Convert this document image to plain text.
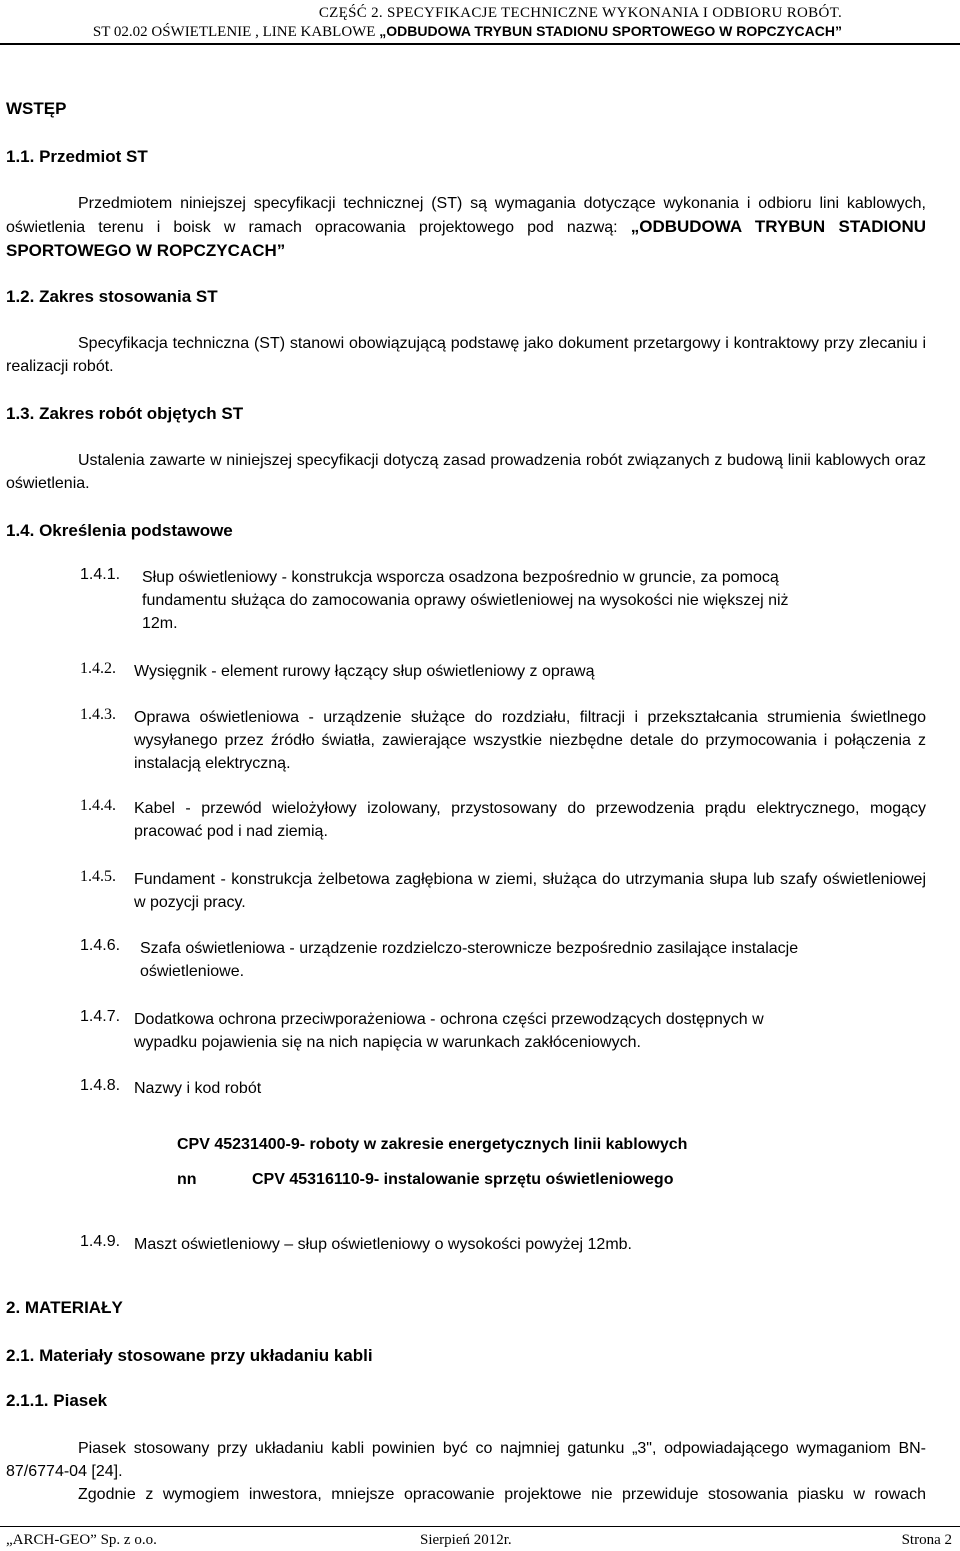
CZĘŚĆ 2. SPECYFIKACJE TECHNICZNE WYKONANIA I ODBIORU ROBÓT.
ST 02.02 OŚWIETLENIE , LINE KABLOWE „ODBUDOWA TRYBUN STADIONU SPORTOWEGO W ROPCZYCACH”
WSTĘP
1.1. Przedmiot ST
Przedmiotem niniejszej specyfikacji technicznej (ST) są wymagania dotyczące wykonania i odbioru lini kablowych, oświetlenia terenu i boisk w ramach opracowania projektowego pod nazwą: „ODBUDOWA TRYBUN STADIONU SPORTOWEGO W ROPCZYCACH”
1.2. Zakres stosowania ST
Specyfikacja techniczna (ST) stanowi obowiązującą podstawę jako dokument przetargowy i kontraktowy przy zlecaniu i realizacji robót.
1.3. Zakres robót objętych ST
Ustalenia zawarte w niniejszej specyfikacji dotyczą zasad prowadzenia robót związanych z budową linii kablowych oraz oświetlenia.
1.4. Określenia podstawowe
1.4.1. Słup oświetleniowy - konstrukcja wsporcza osadzona bezpośrednio w gruncie, za pomocą fundamentu służąca do zamocowania oprawy oświetleniowej na wysokości nie większej niż 12m.
1.4.2. Wysięgnik - element rurowy łączący słup oświetleniowy z oprawą
1.4.3. Oprawa oświetleniowa - urządzenie służące do rozdziału, filtracji i przekształcania strumienia świetlnego wysyłanego przez źródło światła, zawierające wszystkie niezbędne detale do przymocowania i połączenia z instalacją elektryczną.
1.4.4. Kabel - przewód wielożyłowy izolowany, przystosowany do przewodzenia prądu elektrycznego, mogący pracować pod i nad ziemią.
1.4.5. Fundament - konstrukcja żelbetowa zagłębiona w ziemi, służąca do utrzymania słupa lub szafy oświetleniowej w pozycji pracy.
1.4.6. Szafa oświetleniowa - urządzenie rozdzielczo-sterownicze bezpośrednio zasilające instalacje oświetleniowe.
1.4.7. Dodatkowa ochrona przeciwporażeniowa - ochrona części przewodzących dostępnych w wypadku pojawienia się na nich napięcia w warunkach zakłóceniowych.
1.4.8. Nazwy i kod robót
CPV 45231400-9- roboty w zakresie energetycznych linii kablowych
nn	CPV 45316110-9- instalowanie sprzętu oświetleniowego
1.4.9. Maszt oświetleniowy – słup oświetleniowy o wysokości powyżej 12mb.
2. MATERIAŁY
2.1. Materiały stosowane przy układaniu kabli
2.1.1. Piasek
Piasek stosowany przy układaniu kabli powinien być co najmniej gatunku „3", odpowiadającego wymaganiom BN-87/6774-04 [24].
Zgodnie z wymogiem inwestora, mniejsze opracowanie projektowe nie przewiduje stosowania piasku w rowach
„ARCH-GEO” Sp. z o.o.	Sierpień 2012r.	Strona 2
